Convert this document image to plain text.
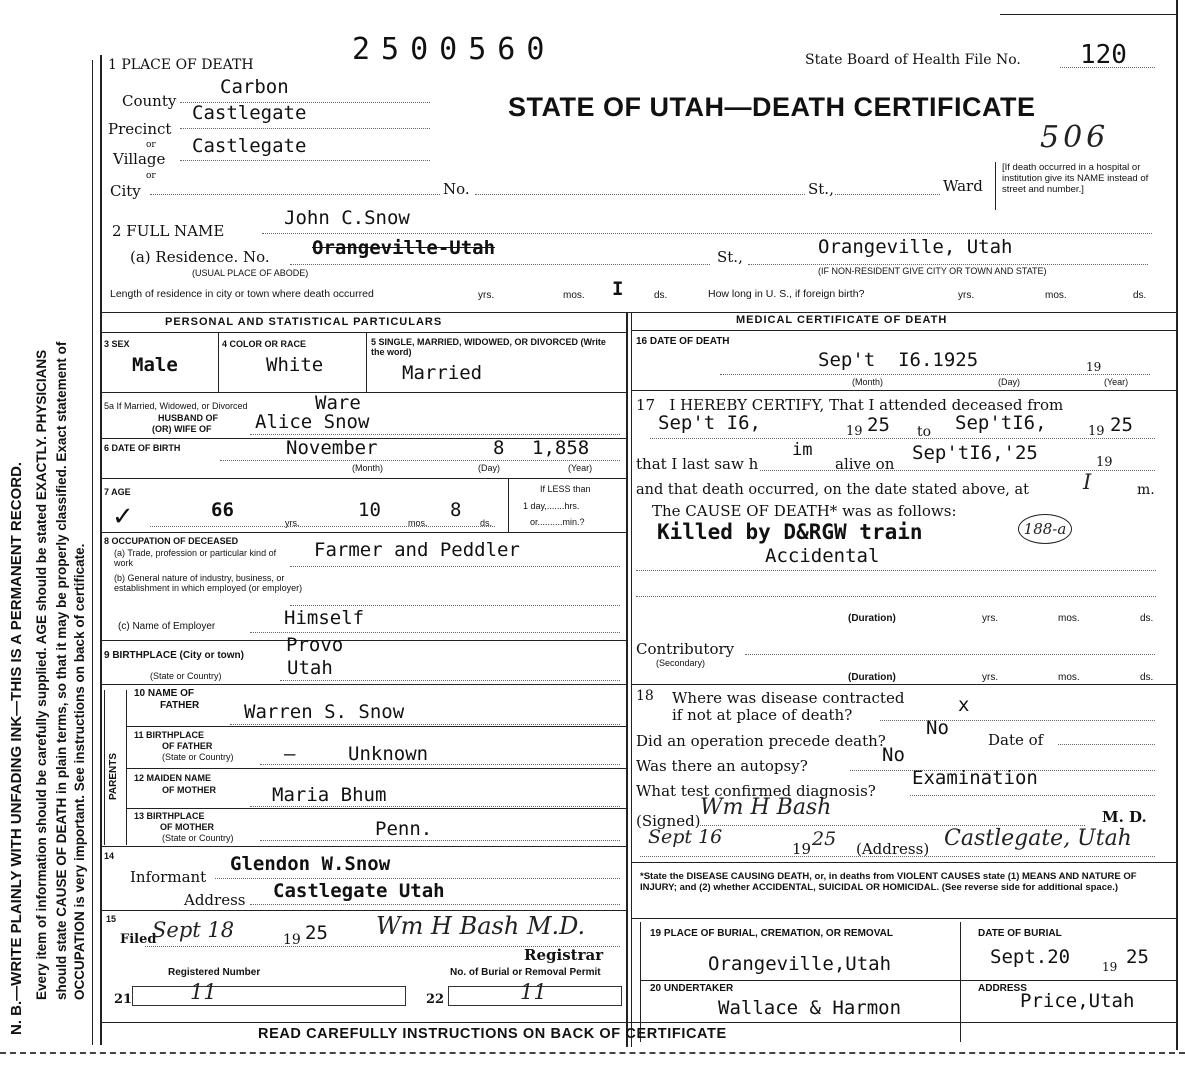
N. B.—WRITE PLAINLY WITH UNFADING INK—THIS IS A PERMANENT RECORD. Every item of information should be carefully supplied. AGE should be stated EXACTLY. PHYSICIANS should state CAUSE OF DEATH in plain terms, so that it may be properly classified. Exact statement of OCCUPATION is very important. See instructions on back of certificate.
1 PLACE OF DEATH	2500560	State Board of Health File No. 120
STATE OF UTAH—DEATH CERTIFICATE
506
County
Carbon
Precinct
Castlegate
or
Village
Castlegate
or
City	No.	St.,	Ward
[If death occurred in a hospital or institution give its NAME instead of street and number.]
2 FULL NAME
John C.Snow
(a) Residence. No. Orangeville-Utah
(USUAL PLACE OF ABODE)
St.,	Orangeville, Utah
(IF NON-RESIDENT GIVE CITY OR TOWN AND STATE)
Length of residence in city or town where death occurred	yrs.	mos. I	ds.	How long in U. S., if foreign birth?	yrs.	mos.	ds.
PERSONAL AND STATISTICAL PARTICULARS
3 SEX
Male
4 COLOR OR RACE
White
5 SINGLE, MARRIED, WIDOWED, OR DIVORCED (Write the word)
Married
5a If Married, Widowed, or Divorced
HUSBAND OF
(OR) WIFE OF
Ware
Alice Snow
6 DATE OF BIRTH	November	8 1,858
(Month)	(Day)	(Year)
7 AGE
✓	66
yrs.
10
mos.
8
ds.
If LESS than
1 day,.......hrs.
or..........min.?
8 OCCUPATION OF DECEASED
(a) Trade, profession or particular kind of work
Farmer and Peddler
(b) General nature of industry, business, or establishment in which employed (or employer)
(c) Name of Employer	Himself
9 BIRTHPLACE (City or town) Provo
(State or Country)	Utah
PARENTS
10 NAME OF
FATHER Warren S. Snow
11 BIRTHPLACE
OF FATHER
(State or Country)	—	Unknown
12 MAIDEN NAME
OF MOTHER	Maria Bhum
13 BIRTHPLACE
OF MOTHER
(State or Country)	Penn.
14
Informant
Glendon W.Snow
Address Castlegate Utah
15
Filed
Sept 18	19 25 Wm H Bash M.D.
Registrar
Registered Number	No. of Burial or Removal Permit
21	11	22	11
MEDICAL CERTIFICATE OF DEATH
16 DATE OF DEATH
Sep't  I6.1925	19
(Month)	(Day)	(Year)
17   I HEREBY CERTIFY, That I attended deceased from
Sep't I6,	19 25 to Sep'tI6,	19 25
that I last saw h
im
alive on Sep'tI6,'25	19
and that death occurred, on the date stated above, at	I	m.
The CAUSE OF DEATH* was as follows:
Killed by D&RGW train	188-a
Accidental
(Duration)	yrs.	mos.	ds.
Contributory
(Secondary)
(Duration)	yrs.	mos.	ds.
18 Where was disease contracted
if not at place of death?	x
Did an operation precede death?
No
Date of
Was there an autopsy?	No
What test confirmed diagnosis?
Examination
(Signed)
Wm H Bash	M. D.
Sept 16
19 25 (Address) Castlegate, Utah
*State the DISEASE CAUSING DEATH, or, in deaths from VIOLENT CAUSES state (1) MEANS AND NATURE OF INJURY; and (2) whether ACCIDENTAL, SUICIDAL OR HOMICIDAL. (See reverse side for additional space.)
19 PLACE OF BURIAL, CREMATION, OR REMOVAL
Orangeville,Utah
DATE OF BURIAL
Sept.20	19 25
20 UNDERTAKER
Wallace & Harmon
ADDRESS
Price,Utah
READ CAREFULLY INSTRUCTIONS ON BACK OF CERTIFICATE
